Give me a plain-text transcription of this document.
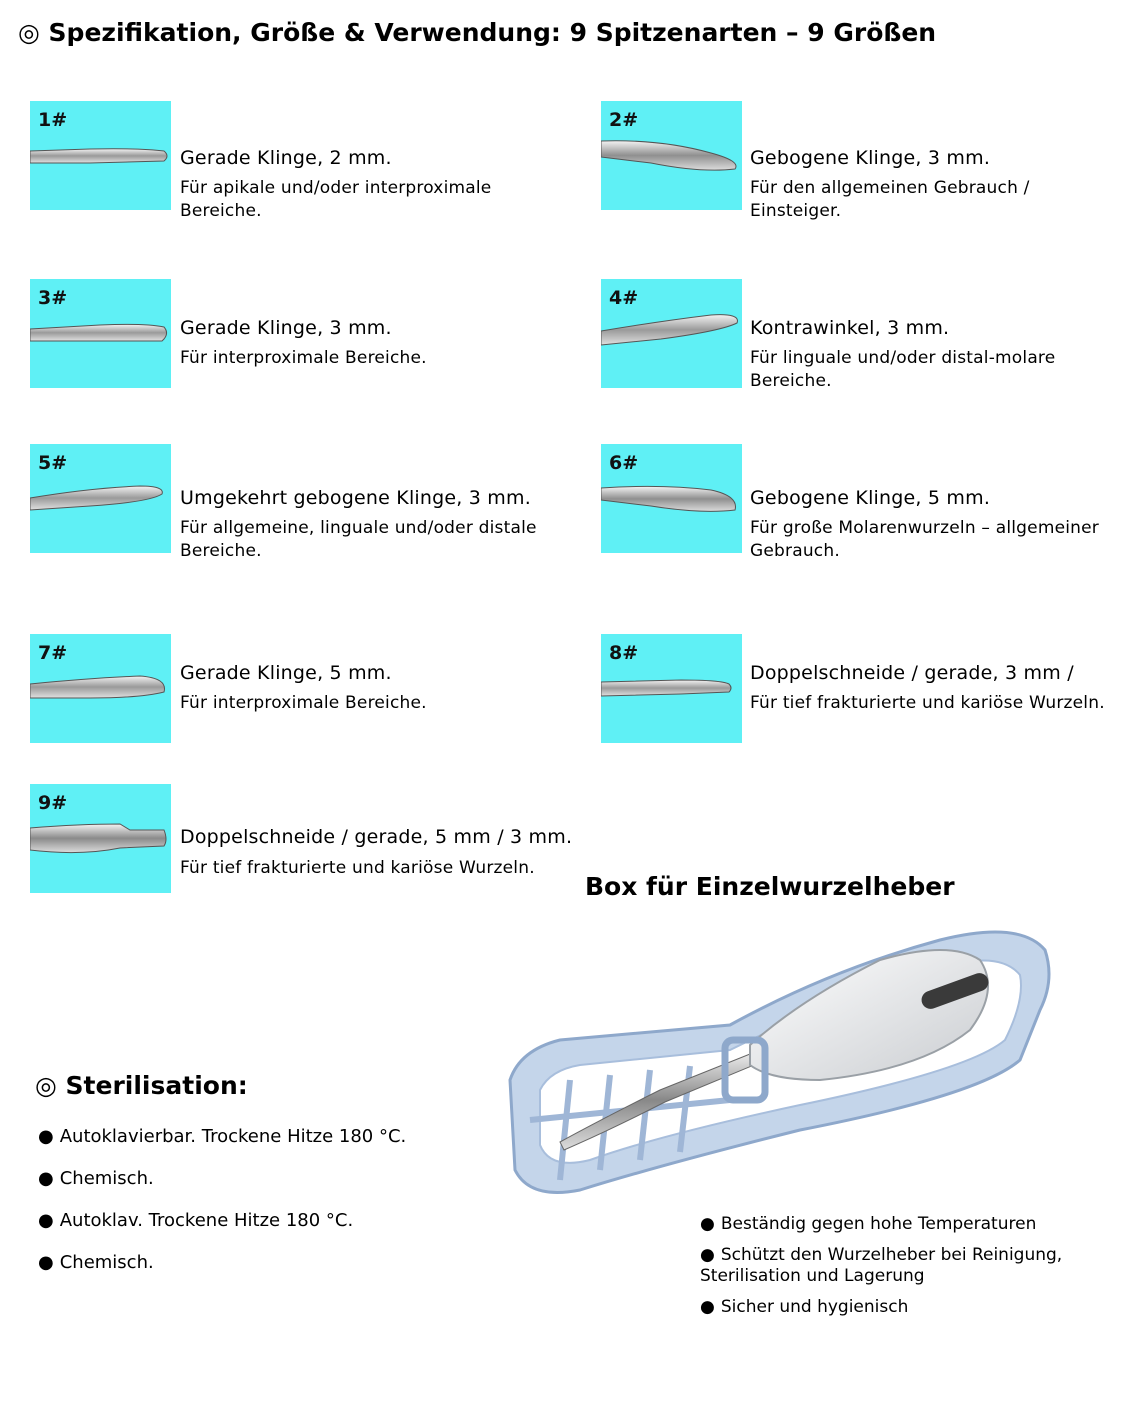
◎ Spezifikation, Größe & Verwendung: 9 Spitzenarten – 9 Größen
1#
Gerade Klinge, 2 mm.
Für apikale und/oder interproximale Bereiche.
2#
Gebogene Klinge, 3 mm.
Für den allgemeinen Gebrauch / Einsteiger.
3#
Gerade Klinge, 3 mm.
Für interproximale Bereiche.
4#
Kontrawinkel, 3 mm.
Für linguale und/oder distal-molare Bereiche.
5#
Umgekehrt gebogene Klinge, 3 mm.
Für allgemeine, linguale und/oder distale Bereiche.
6#
Gebogene Klinge, 5 mm.
Für große Molarenwurzeln – allgemeiner Gebrauch.
7#
Gerade Klinge, 5 mm.
Für interproximale Bereiche.
8#
Doppelschneide / gerade, 3 mm /
Für tief frakturierte und kariöse Wurzeln.
9#
Doppelschneide / gerade, 5 mm / 3 mm.
Für tief frakturierte und kariöse Wurzeln.
Box für Einzelwurzelheber
● Beständig gegen hohe Temperaturen
● Schützt den Wurzelheber bei Reinigung, Sterilisation und Lagerung
● Sicher und hygienisch
◎ Sterilisation:
● Autoklavierbar. Trockene Hitze 180 °C.
● Chemisch.
● Autoklav. Trockene Hitze 180 °C.
● Chemisch.
